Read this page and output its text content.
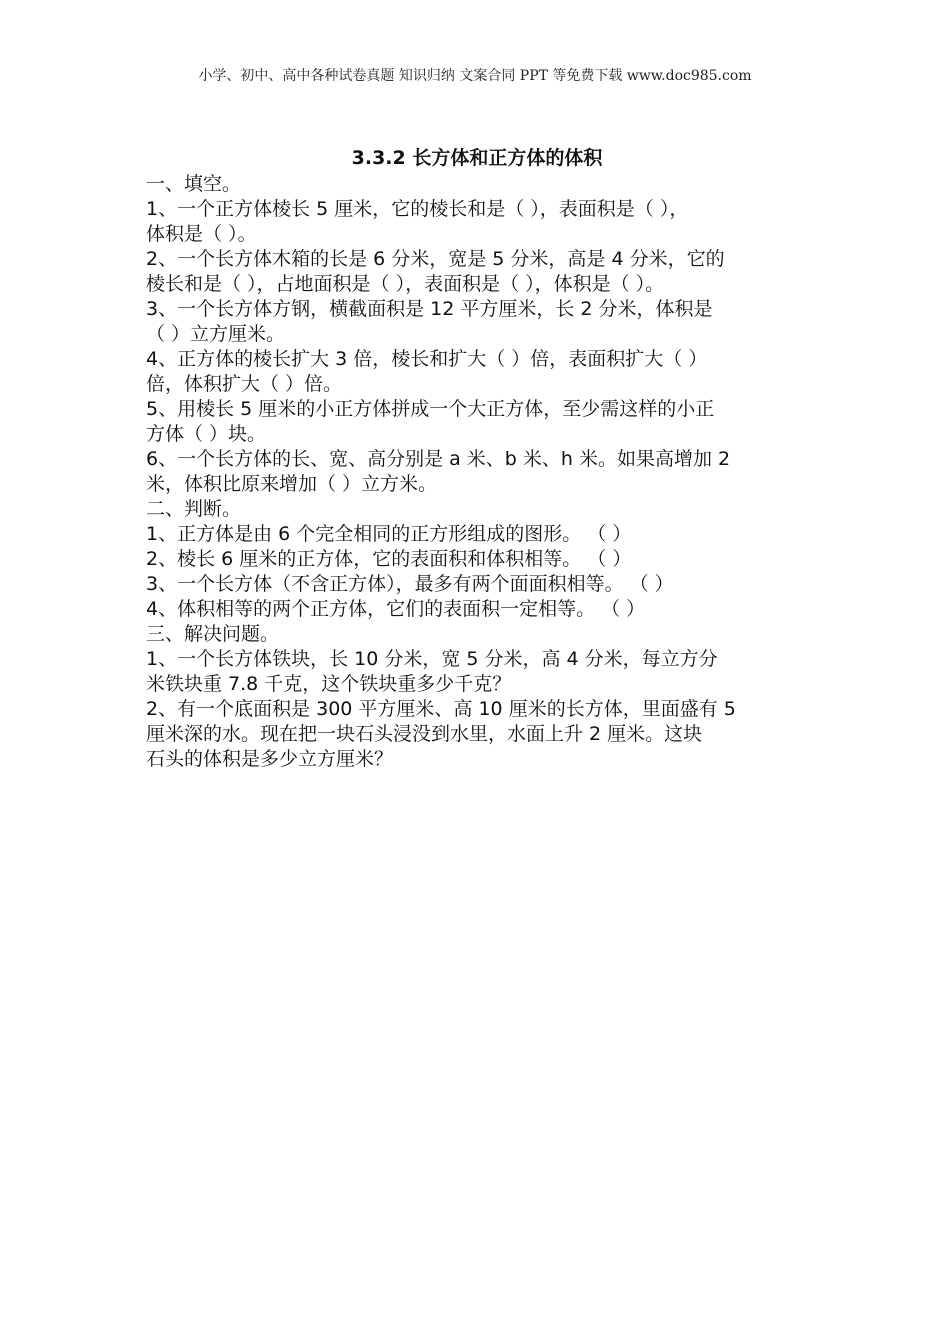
小学、初中、高中各种试卷真题 知识归纳 文案合同 PPT 等免费下载 www.doc985.com
3.3.2 长方体和正方体的体积
一、填空。
1、一个正方体棱长 5 厘米，它的棱长和是（ ），表面积是（ ），
体积是（ ）。
2、一个长方体木箱的长是 6 分米，宽是 5 分米，高是 4 分米，它的
棱长和是（ ），占地面积是（ ），表面积是（ ），体积是（ ）。
3、一个长方体方钢，横截面积是 12 平方厘米，长 2 分米，体积是
（ ）立方厘米。
4、正方体的棱长扩大 3 倍，棱长和扩大（ ）倍，表面积扩大（ ）
倍，体积扩大（ ）倍。
5、用棱长 5 厘米的小正方体拼成一个大正方体，至少需这样的小正
方体（ ）块。
6、一个长方体的长、宽、高分别是 a 米、b 米、h 米。如果高增加 2
米，体积比原来增加（ ）立方米。
二、判断。
1、正方体是由 6 个完全相同的正方形组成的图形。 （ ）
2、棱长 6 厘米的正方体，它的表面积和体积相等。 （ ）
3、一个长方体（不含正方体），最多有两个面面积相等。 （ ）
4、体积相等的两个正方体，它们的表面积一定相等。 （ ）
三、解决问题。
1、一个长方体铁块，长 10 分米，宽 5 分米，高 4 分米，每立方分
米铁块重 7.8 千克，这个铁块重多少千克？
2、有一个底面积是 300 平方厘米、高 10 厘米的长方体，里面盛有 5
厘米深的水。现在把一块石头浸没到水里，水面上升 2 厘米。这块
石头的体积是多少立方厘米？
